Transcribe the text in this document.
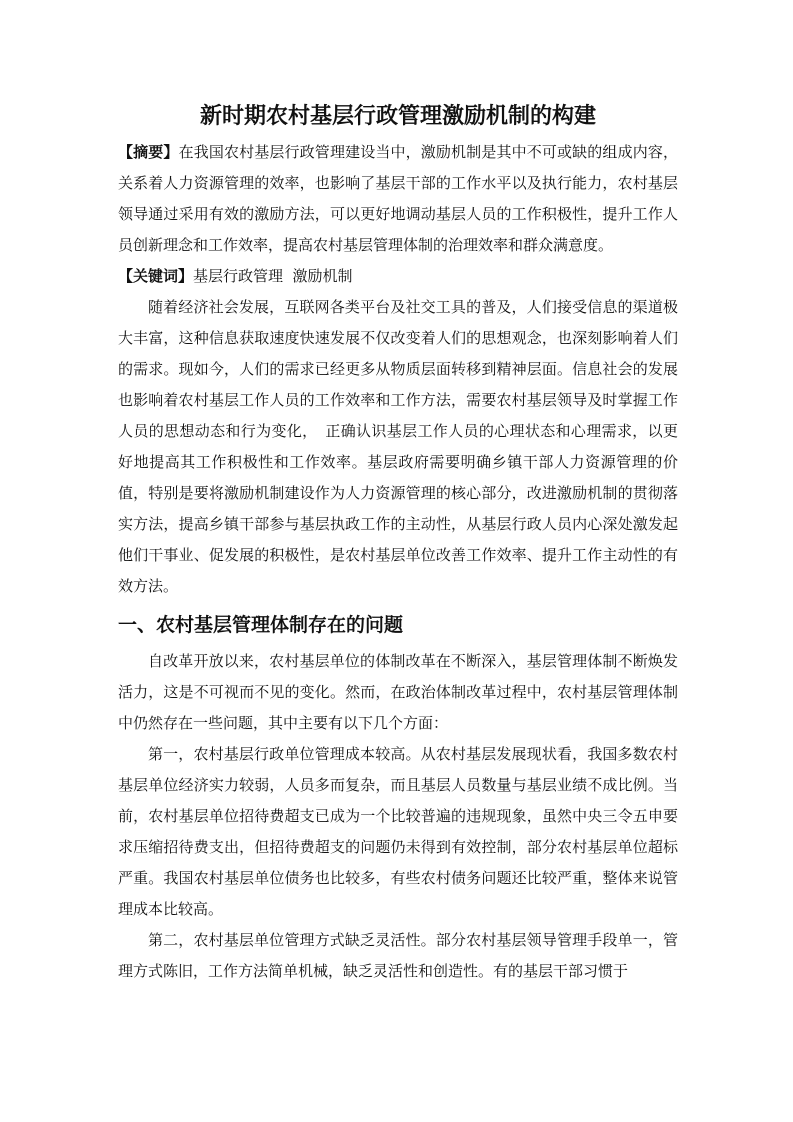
新时期农村基层行政管理激励机制的构建

【摘要】在我国农村基层行政管理建设当中，激励机制是其中不可或缺的组成内容，关系着人力资源管理的效率，也影响了基层干部的工作水平以及执行能力，农村基层领导通过采用有效的激励方法，可以更好地调动基层人员的工作积极性，提升工作人员创新理念和工作效率，提高农村基层管理体制的治理效率和群众满意度。

【关键词】基层行政管理  激励机制

随着经济社会发展，互联网各类平台及社交工具的普及，人们接受信息的渠道极大丰富，这种信息获取速度快速发展不仅改变着人们的思想观念，也深刻影响着人们的需求。现如今，人们的需求已经更多从物质层面转移到精神层面。信息社会的发展也影响着农村基层工作人员的工作效率和工作方法，需要农村基层领导及时掌握工作人员的思想动态和行为变化，　正确认识基层工作人员的心理状态和心理需求，以更好地提高其工作积极性和工作效率。基层政府需要明确乡镇干部人力资源管理的价值，特别是要将激励机制建设作为人力资源管理的核心部分，改进激励机制的贯彻落实方法，提高乡镇干部参与基层执政工作的主动性，从基层行政人员内心深处激发起他们干事业、促发展的积极性，是农村基层单位改善工作效率、提升工作主动性的有效方法。

一、农村基层管理体制存在的问题

自改革开放以来，农村基层单位的体制改革在不断深入，基层管理体制不断焕发活力，这是不可视而不见的变化。然而，在政治体制改革过程中，农村基层管理体制中仍然存在一些问题，其中主要有以下几个方面：

第一，农村基层行政单位管理成本较高。从农村基层发展现状看，我国多数农村基层单位经济实力较弱，人员多而复杂，而且基层人员数量与基层业绩不成比例。当前，农村基层单位招待费超支已成为一个比较普遍的违规现象，虽然中央三令五申要求压缩招待费支出，但招待费超支的问题仍未得到有效控制，部分农村基层单位超标严重。我国农村基层单位债务也比较多，有些农村债务问题还比较严重，整体来说管理成本比较高。

第二，农村基层单位管理方式缺乏灵活性。部分农村基层领导管理手段单一，管理方式陈旧，工作方法简单机械，缺乏灵活性和创造性。有的基层干部习惯于
